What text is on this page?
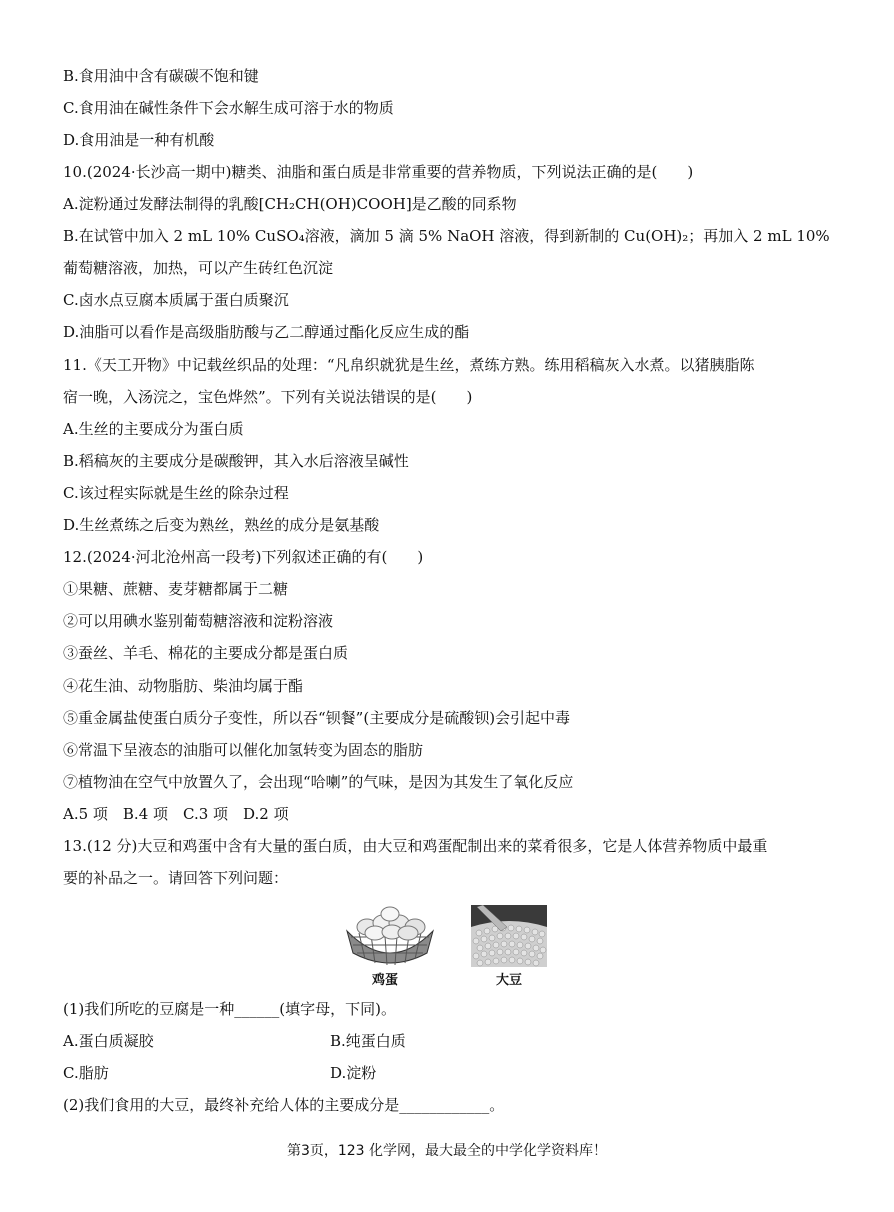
B.食用油中含有碳碳不饱和键
C.食用油在碱性条件下会水解生成可溶于水的物质
D.食用油是一种有机酸
10.(2024·长沙高一期中)糖类、油脂和蛋白质是非常重要的营养物质，下列说法正确的是(　　)
A.淀粉通过发酵法制得的乳酸[CH₂CH(OH)COOH]是乙酸的同系物
B.在试管中加入 2 mL 10% CuSO₄溶液，滴加 5 滴 5% NaOH 溶液，得到新制的 Cu(OH)₂；再加入 2 mL 10%
葡萄糖溶液，加热，可以产生砖红色沉淀
C.卤水点豆腐本质属于蛋白质聚沉
D.油脂可以看作是高级脂肪酸与乙二醇通过酯化反应生成的酯
11.《天工开物》中记载丝织品的处理：“凡帛织就犹是生丝，煮练方熟。练用稻稿灰入水煮。以猪胰脂陈
宿一晚，入汤浣之，宝色烨然”。下列有关说法错误的是(　　)
A.生丝的主要成分为蛋白质
B.稻稿灰的主要成分是碳酸钾，其入水后溶液呈碱性
C.该过程实际就是生丝的除杂过程
D.生丝煮练之后变为熟丝，熟丝的成分是氨基酸
12.(2024·河北沧州高一段考)下列叙述正确的有(　　)
①果糖、蔗糖、麦芽糖都属于二糖
②可以用碘水鉴别葡萄糖溶液和淀粉溶液
③蚕丝、羊毛、棉花的主要成分都是蛋白质
④花生油、动物脂肪、柴油均属于酯
⑤重金属盐使蛋白质分子变性，所以吞“钡餐”(主要成分是硫酸钡)会引起中毒
⑥常温下呈液态的油脂可以催化加氢转变为固态的脂肪
⑦植物油在空气中放置久了，会出现“哈喇”的气味，是因为其发生了氧化反应
A.5 项　B.4 项　C.3 项　D.2 项
13.(12 分)大豆和鸡蛋中含有大量的蛋白质，由大豆和鸡蛋配制出来的菜肴很多，它是人体营养物质中最重
要的补品之一。请回答下列问题：
鸡蛋	大豆
(1)我们所吃的豆腐是一种______(填字母，下同)。
A.蛋白质凝胶	B.纯蛋白质
C.脂肪	D.淀粉
(2)我们食用的大豆，最终补充给人体的主要成分是____________。
第3页，123 化学网，最大最全的中学化学资料库！
